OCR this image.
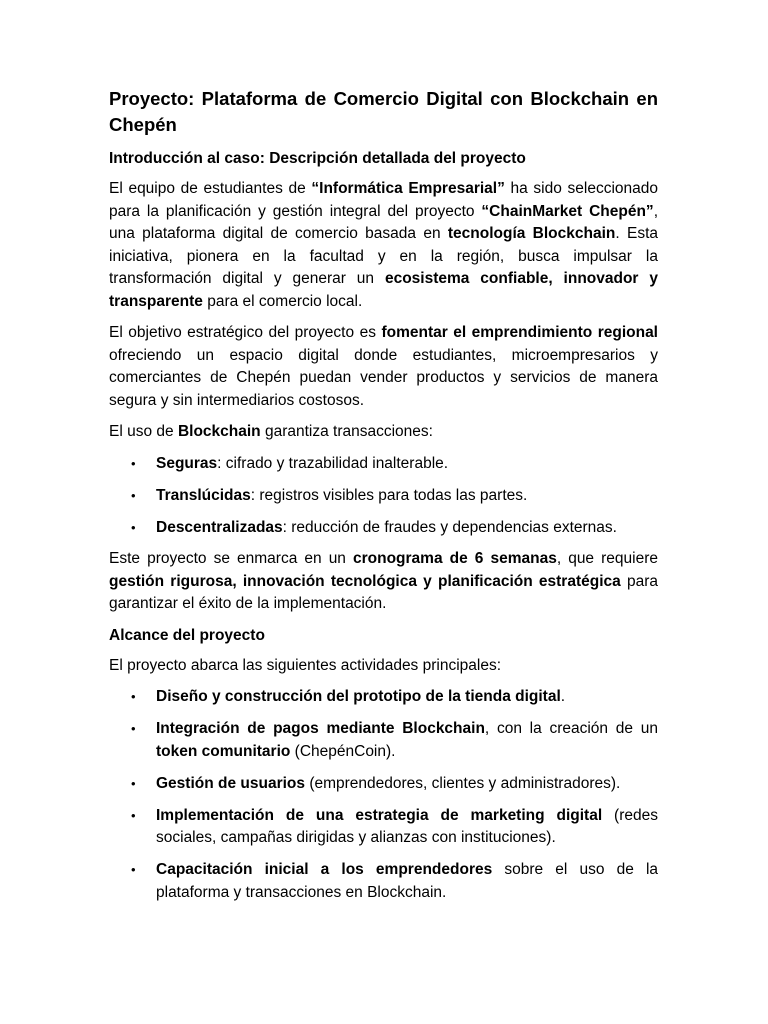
Proyecto: Plataforma de Comercio Digital con Blockchain en Chepén
Introducción al caso: Descripción detallada del proyecto

El equipo de estudiantes de “Informática Empresarial” ha sido seleccionado para la planificación y gestión integral del proyecto “ChainMarket Chepén”, una plataforma digital de comercio basada en tecnología Blockchain. Esta iniciativa, pionera en la facultad y en la región, busca impulsar la transformación digital y generar un ecosistema confiable, innovador y transparente para el comercio local.

El objetivo estratégico del proyecto es fomentar el emprendimiento regional ofreciendo un espacio digital donde estudiantes, microempresarios y comerciantes de Chepén puedan vender productos y servicios de manera segura y sin intermediarios costosos.

El uso de Blockchain garantiza transacciones:

• Seguras: cifrado y trazabilidad inalterable.
• Translúcidas: registros visibles para todas las partes.
• Descentralizadas: reducción de fraudes y dependencias externas.

Este proyecto se enmarca en un cronograma de 6 semanas, que requiere gestión rigurosa, innovación tecnológica y planificación estratégica para garantizar el éxito de la implementación.

Alcance del proyecto

El proyecto abarca las siguientes actividades principales:

• Diseño y construcción del prototipo de la tienda digital.
• Integración de pagos mediante Blockchain, con la creación de un token comunitario (ChepénCoin).
• Gestión de usuarios (emprendedores, clientes y administradores).
• Implementación de una estrategia de marketing digital (redes sociales, campañas dirigidas y alianzas con instituciones).
• Capacitación inicial a los emprendedores sobre el uso de la plataforma y transacciones en Blockchain.
